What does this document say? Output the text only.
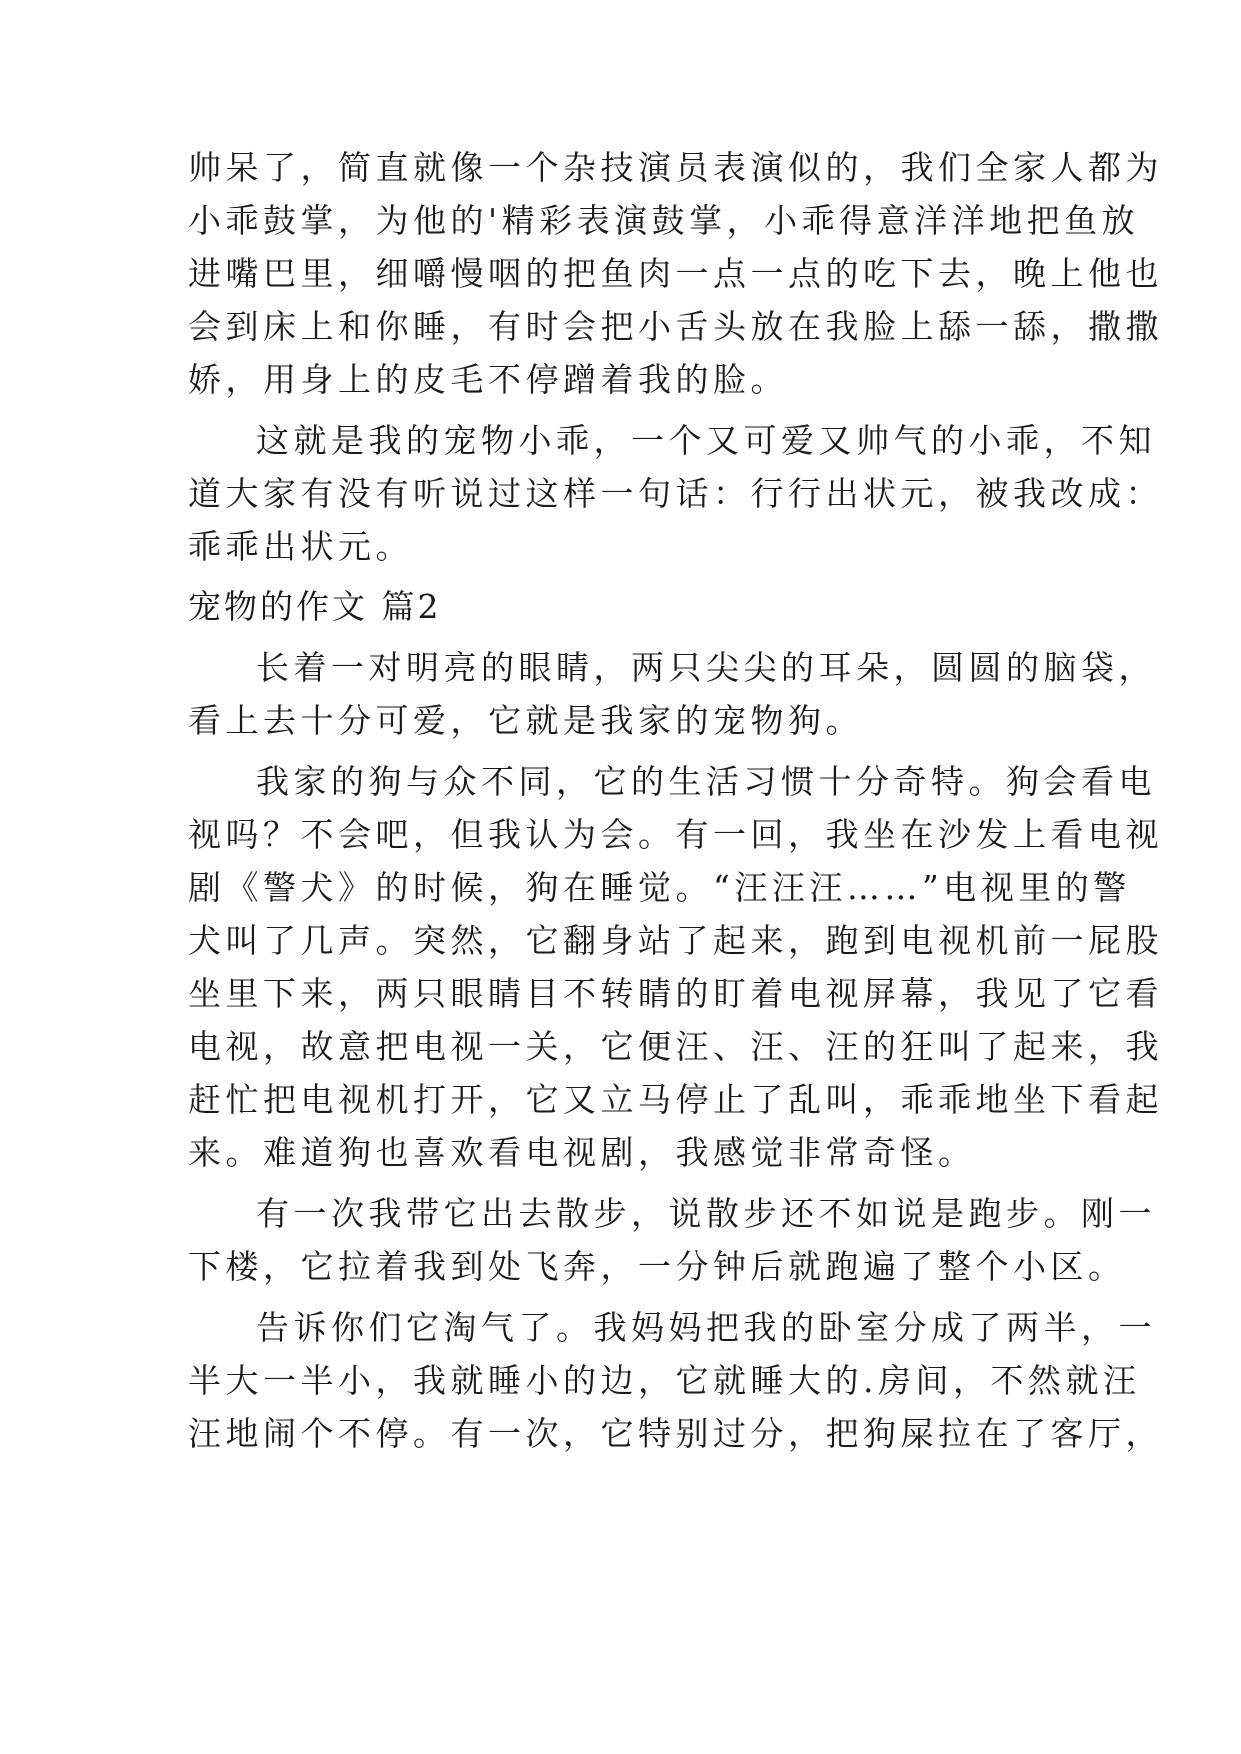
帅呆了，简直就像一个杂技演员表演似的，我们全家人都为
小乖鼓掌，为他的'精彩表演鼓掌，小乖得意洋洋地把鱼放
进嘴巴里，细嚼慢咽的把鱼肉一点一点的吃下去，晚上他也
会到床上和你睡，有时会把小舌头放在我脸上舔一舔，撒撒
娇，用身上的皮毛不停蹭着我的脸。
这就是我的宠物小乖，一个又可爱又帅气的小乖，不知
道大家有没有听说过这样一句话：行行出状元，被我改成：
乖乖出状元。
宠物的作文 篇2
长着一对明亮的眼睛，两只尖尖的耳朵，圆圆的脑袋，
看上去十分可爱，它就是我家的宠物狗。
我家的狗与众不同，它的生活习惯十分奇特。狗会看电
视吗？不会吧，但我认为会。有一回，我坐在沙发上看电视
剧《警犬》的时候，狗在睡觉。“汪汪汪……”电视里的警
犬叫了几声。突然，它翻身站了起来，跑到电视机前一屁股
坐里下来，两只眼睛目不转睛的盯着电视屏幕，我见了它看
电视，故意把电视一关，它便汪、汪、汪的狂叫了起来，我
赶忙把电视机打开，它又立马停止了乱叫，乖乖地坐下看起
来。难道狗也喜欢看电视剧，我感觉非常奇怪。
有一次我带它出去散步，说散步还不如说是跑步。刚一
下楼，它拉着我到处飞奔，一分钟后就跑遍了整个小区。
告诉你们它淘气了。我妈妈把我的卧室分成了两半，一
半大一半小，我就睡小的边，它就睡大的.房间，不然就汪
汪地闹个不停。有一次，它特别过分，把狗屎拉在了客厅，
